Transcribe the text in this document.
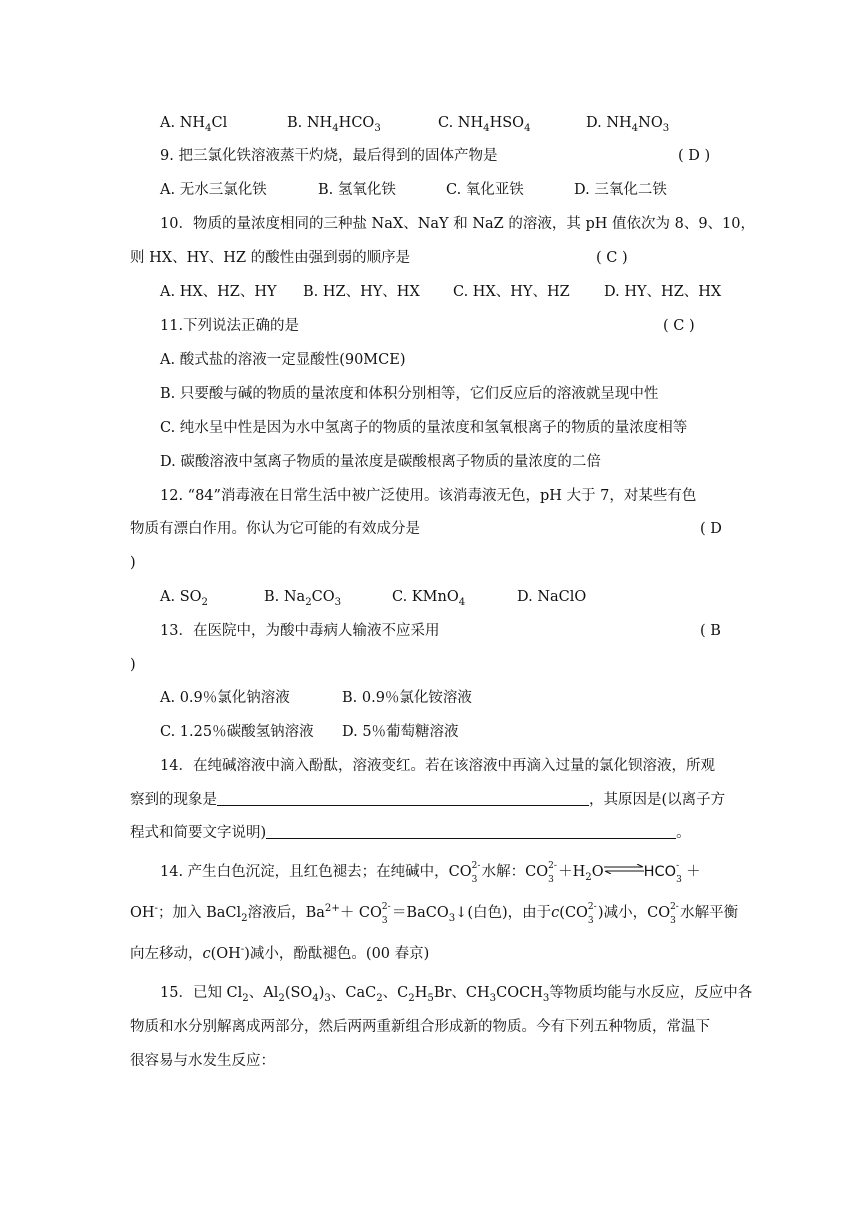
A. $NH_4Cl$	B. $NH_4HCO_3$	C. $NH_4HSO_4$	D. $NH_4NO_3$
9. 把三氯化铁溶液蒸干灼烧，最后得到的固体产物是	( D )
A. 无水三氯化铁	B. 氢氧化铁	C. 氧化亚铁	D. 三氧化二铁
10．物质的量浓度相同的三种盐 NaX、NaY 和 NaZ 的溶液，其 pH 值依次为 8、9、10，
则 HX、HY、HZ 的酸性由强到弱的顺序是	( C )
A. HX、HZ、HY B. HZ、HY、HX C. HX、HY、HZ D. HY、HZ、HX
11.下列说法正确的是	( C )
A. 酸式盐的溶液一定显酸性(90MCE)
B. 只要酸与碱的物质的量浓度和体积分别相等，它们反应后的溶液就呈现中性
C. 纯水呈中性是因为水中氢离子的物质的量浓度和氢氧根离子的物质的量浓度相等
D. 碳酸溶液中氢离子物质的量浓度是碳酸根离子物质的量浓度的二倍
12. “84”消毒液在日常生活中被广泛使用。该消毒液无色，pH 大于 7，对某些有色
物质有漂白作用。你认为它可能的有效成分是	( D
)
A. $SO_2$	B. $Na_2CO_3$	C. KMnO$_4$	D. NaClO
13．在医院中，为酸中毒病人输液不应采用	( B
)
A. 0.9％氯化钠溶液	B. 0.9％氯化铵溶液
C. 1.25％碳酸氢钠溶液 D. 5％葡萄糖溶液
14．在纯碱溶液中滴入酚酞，溶液变红。若在该溶液中再滴入过量的氯化钡溶液，所观
察到的现象是	，其原因是(以离子方
程式和简要文字说明)	。
14. 产生白色沉淀，且红色褪去；在纯碱中，CO 2-
3 水解：CO 2-
$3 +H_2O\rightleftharpoons HCO$ -
3 ＋
OH-；加入 BaCl$_2$溶液后，$Ba^{2+}+$ CO 2-
3 ＝BaCO$_3$↓(白色)，由于c(CO 2-
3 )减小，CO 2-
3 水解平衡
向左移动，c(OH-)减小，酚酞褪色。(00 春京)
15．已知 $Cl_2$、$Al_2(SO_4)_3$、CaC$_2$、$C_2H_5Br$、$CH_3COCH_3$等物质均能与水反应，反应中各
物质和水分别解离成两部分，然后两两重新组合形成新的物质。今有下列五种物质，常温下
很容易与水发生反应：
